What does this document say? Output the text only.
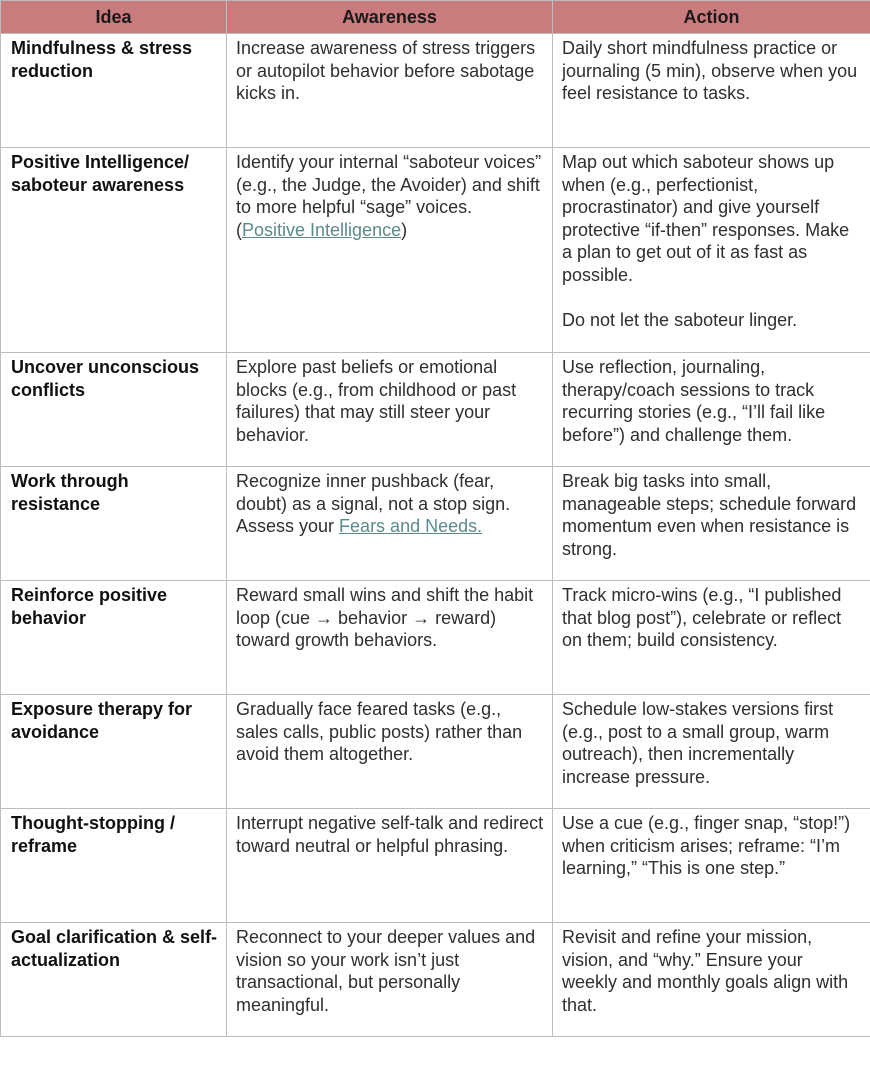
Idea	Awareness	Action
Mindfulness & stress reduction	Increase awareness of stress triggers or autopilot behavior before sabotage kicks in.	Daily short mindfulness practice or journaling (5 min), observe when you feel resistance to tasks.
Positive Intelligence/ saboteur awareness	Identify your internal “saboteur voices” (e.g., the Judge, the Avoider) and shift to more helpful “sage” voices. (Positive Intelligence)	Map out which saboteur shows up when (e.g., perfectionist, procrastinator) and give yourself protective “if-then” responses. Make a plan to get out of it as fast as possible.
Do not let the saboteur linger.

Uncover unconscious conflicts	Explore past beliefs or emotional blocks (e.g., from childhood or past failures) that may still steer your behavior.	Use reflection, journaling, therapy/coach sessions to track recurring stories (e.g., “I’ll fail like before”) and challenge them.
Work through resistance	Recognize inner pushback (fear, doubt) as a signal, not a stop sign. Assess your Fears and Needs.	Break big tasks into small, manageable steps; schedule forward momentum even when resistance is strong.
Reinforce positive behavior	Reward small wins and shift the habit loop (cue → behavior → reward) toward growth behaviors.	Track micro-wins (e.g., “I published that blog post”), celebrate or reflect on them; build consistency.
Exposure therapy for avoidance	Gradually face feared tasks (e.g., sales calls, public posts) rather than avoid them altogether.	Schedule low-stakes versions first (e.g., post to a small group, warm outreach), then incrementally increase pressure.
Thought-stopping / reframe	Interrupt negative self-talk and redirect toward neutral or helpful phrasing.	Use a cue (e.g., finger snap, “stop!”) when criticism arises; reframe: “I’m learning,” “This is one step.”
Goal clarification & self-actualization	Reconnect to your deeper values and vision so your work isn’t just transactional, but personally meaningful.	Revisit and refine your mission, vision, and “why.” Ensure your weekly and monthly goals align with that.
